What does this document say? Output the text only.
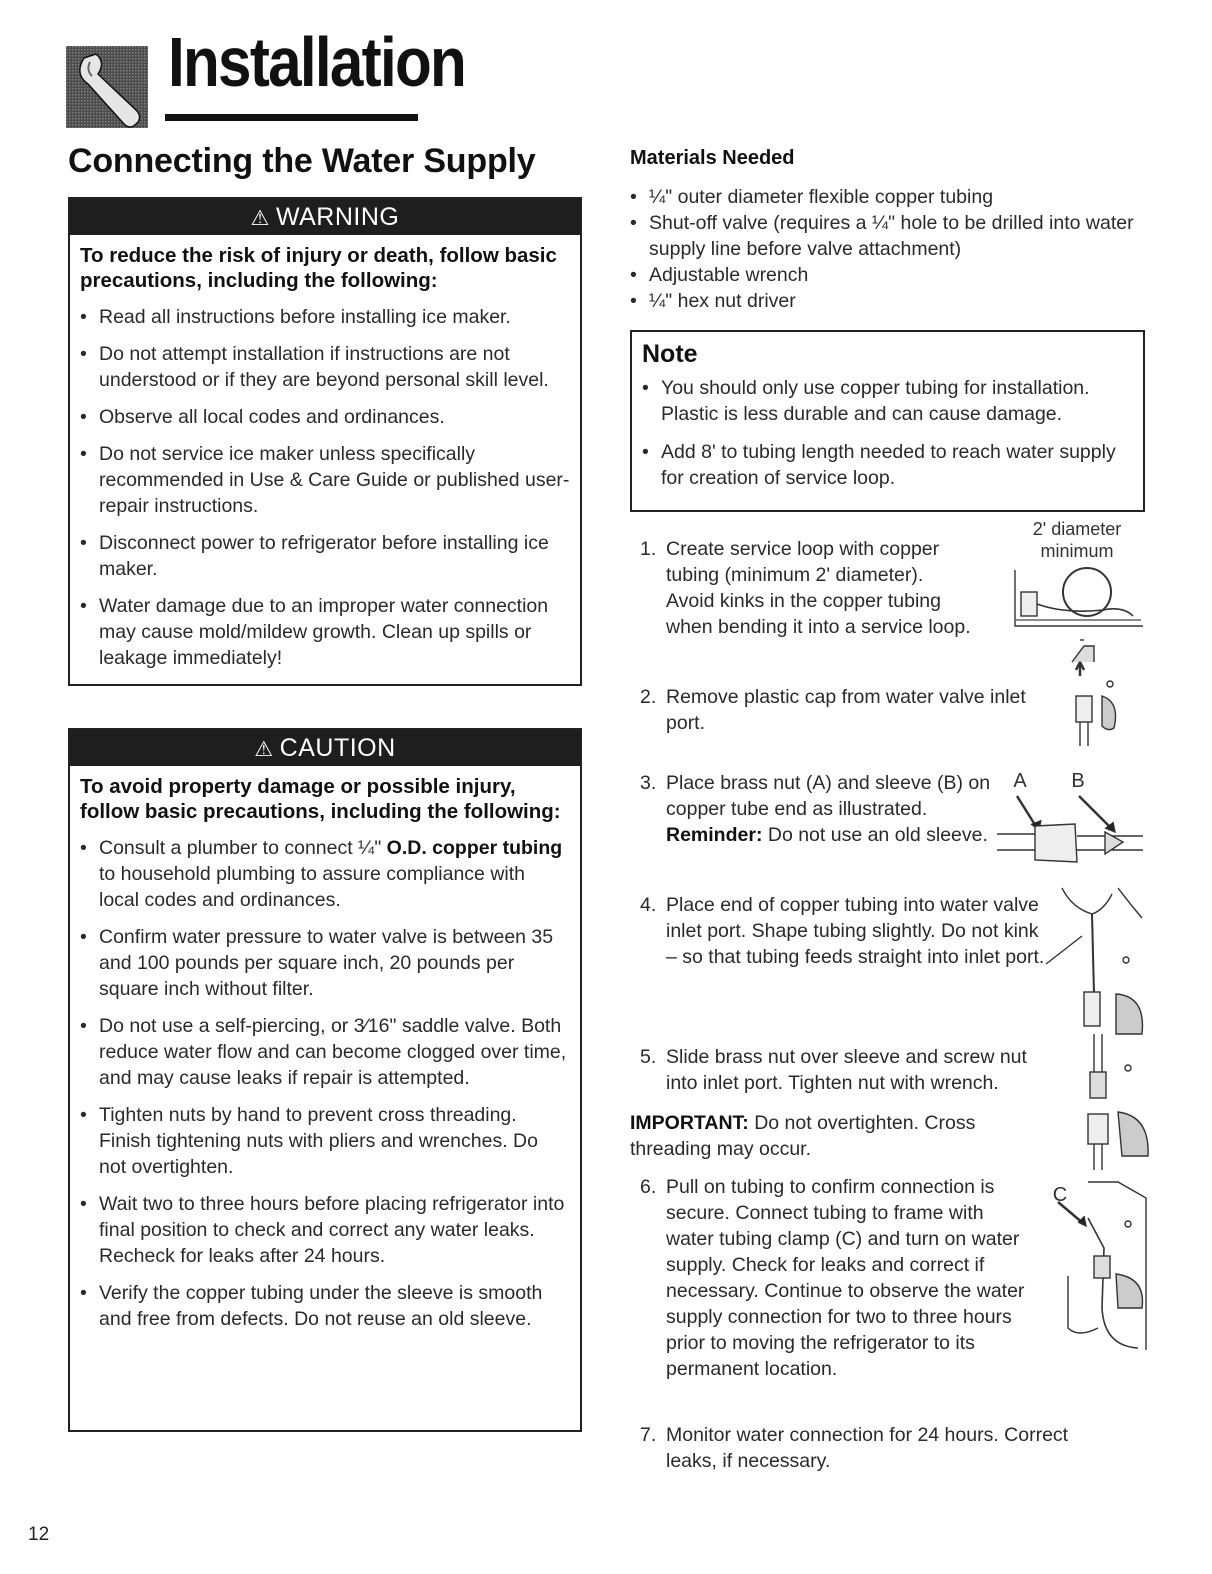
Installation
Connecting the Water Supply
⚠ WARNING
To reduce the risk of injury or death, follow basic precautions, including the following:
• Read all instructions before installing ice maker.
• Do not attempt installation if instructions are not understood or if they are beyond personal skill level.
• Observe all local codes and ordinances.
• Do not service ice maker unless specifically recommended in Use & Care Guide or published user-repair instructions.
• Disconnect power to refrigerator before installing ice maker.
• Water damage due to an improper water connection may cause mold/mildew growth. Clean up spills or leakage immediately!
⚠ CAUTION
To avoid property damage or possible injury, follow basic precautions, including the following:
• Consult a plumber to connect ¼" O.D. copper tubing to household plumbing to assure compliance with local codes and ordinances.
• Confirm water pressure to water valve is between 35 and 100 pounds per square inch, 20 pounds per square inch without filter.
• Do not use a self-piercing, or 3⁄16" saddle valve. Both reduce water flow and can become clogged over time, and may cause leaks if repair is attempted.
• Tighten nuts by hand to prevent cross threading. Finish tightening nuts with pliers and wrenches. Do not overtighten.
• Wait two to three hours before placing refrigerator into final position to check and correct any water leaks. Recheck for leaks after 24 hours.
• Verify the copper tubing under the sleeve is smooth and free from defects. Do not reuse an old sleeve.
Materials Needed
• ¼" outer diameter flexible copper tubing
• Shut-off valve (requires a ¼" hole to be drilled into water supply line before valve attachment)
• Adjustable wrench
• ¼" hex nut driver
Note
• You should only use copper tubing for installation. Plastic is less durable and can cause damage.
• Add 8' to tubing length needed to reach water supply for creation of service loop.
1. Create service loop with copper tubing (minimum 2' diameter). Avoid kinks in the copper tubing when bending it into a service loop.
2. Remove plastic cap from water valve inlet port.
3. Place brass nut (A) and sleeve (B) on copper tube end as illustrated. Reminder: Do not use an old sleeve.
4. Place end of copper tubing into water valve inlet port. Shape tubing slightly. Do not kink – so that tubing feeds straight into inlet port.
5. Slide brass nut over sleeve and screw nut into inlet port. Tighten nut with wrench.
IMPORTANT: Do not overtighten. Cross threading may occur.
6. Pull on tubing to confirm connection is secure. Connect tubing to frame with water tubing clamp (C) and turn on water supply. Check for leaks and correct if necessary. Continue to observe the water supply connection for two to three hours prior to moving the refrigerator to its permanent location.
7. Monitor water connection for 24 hours. Correct leaks, if necessary.
2' diameter minimum
A B
C
12
